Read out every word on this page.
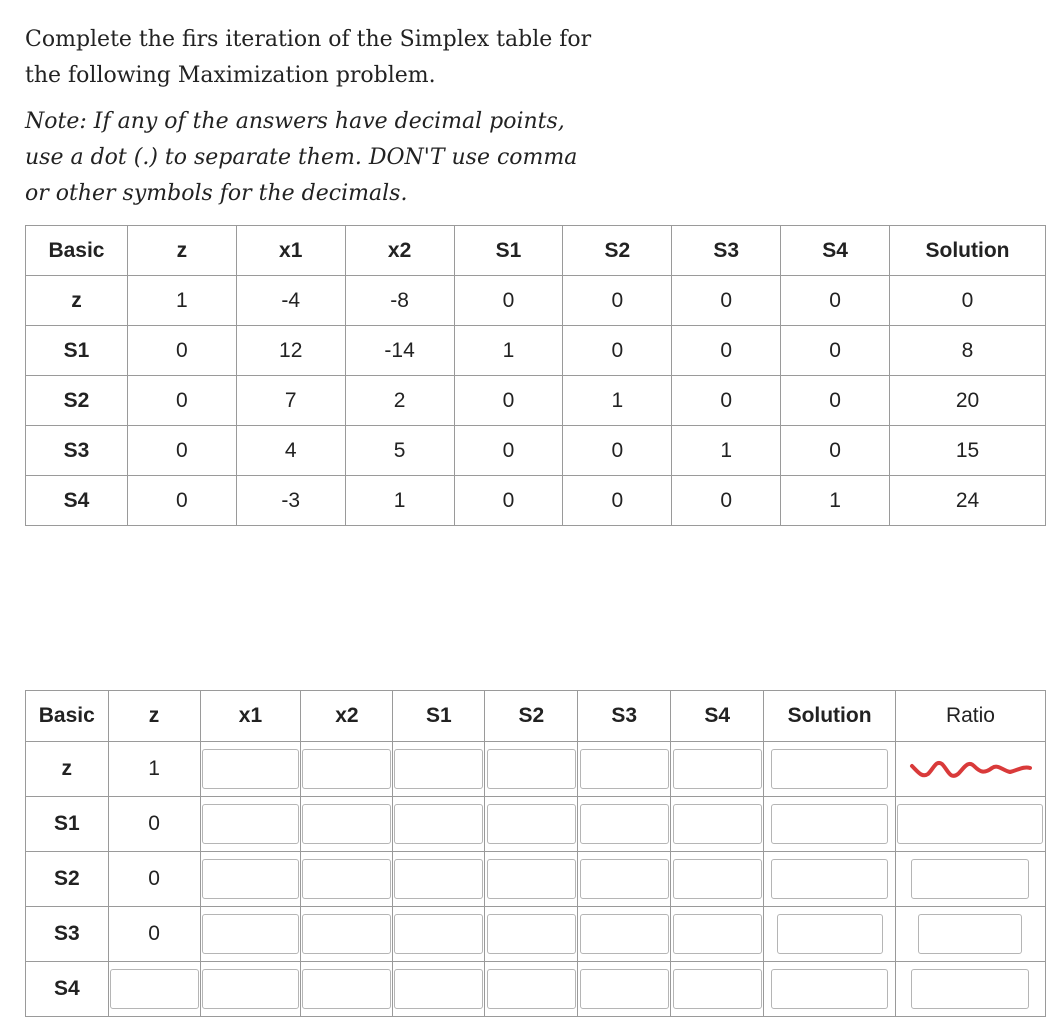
Complete the firs iteration of the Simplex table for

the following Maximization problem.

Note: If any of the answers have decimal points,

use a dot (.) to separate them. DON'T use comma

or other symbols for the decimals.

Basic	z	x1	x2	S1	S2	S3	S4	Solution
z	1	-4	-8	0	0	0	0	0
S1	0	12	-14	1	0	0	0	8
S2	0	7	2	0	1	0	0	20
S3	0	4	5	0	0	1	0	15
S4	0	-3	1	0	0	0	1	24
Basic	z	x1	x2	S1	S2	S3	S4	Solution	Ratio
z	1	

S1	0	

S2	0	

S3	0	

S4	
